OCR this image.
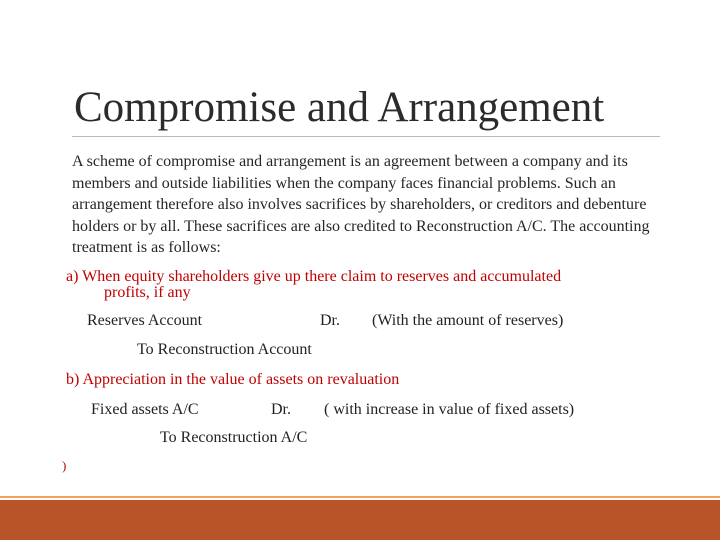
Compromise and Arrangement

A scheme of compromise and arrangement is an agreement between a company and its members and outside liabilities when the company faces financial problems. Such an arrangement therefore also involves sacrifices by shareholders, or creditors and debenture holders or by all. These sacrifices are also credited to Reconstruction A/C. The accounting treatment is as follows:

a) When equity shareholders give up there claim to reserves and accumulated
profits, if any
Reserves Account	Dr. (With the amount of reserves)
To Reconstruction Account
b) Appreciation in the value of assets on revaluation
Fixed assets A/C	Dr. ( with increase in value of fixed assets)
To Reconstruction A/C
)
